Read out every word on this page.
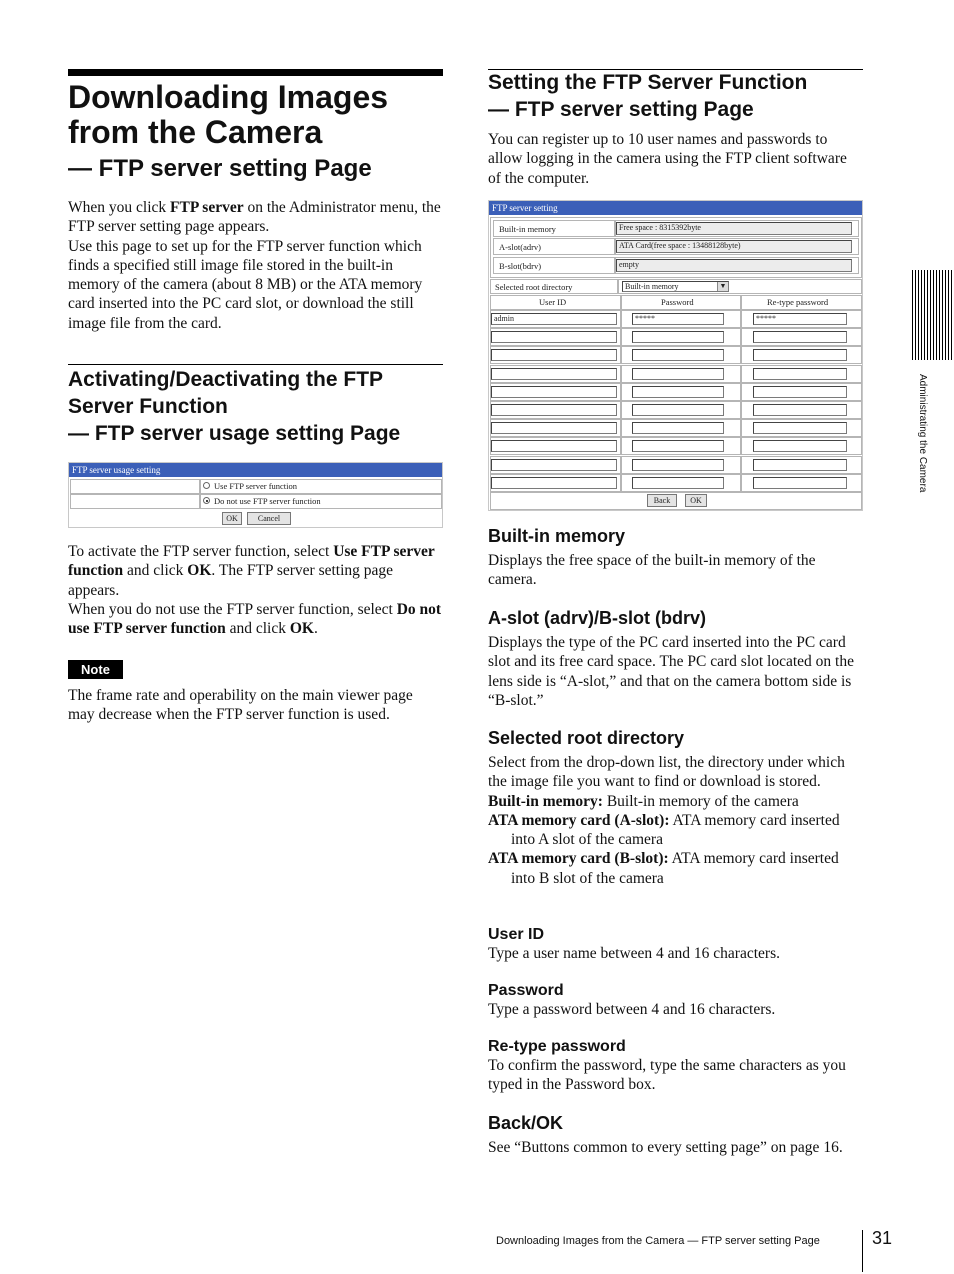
Downloading Images
from the Camera
— FTP server setting Page

When you click FTP server on the Administrator menu, the FTP server setting page appears.

Use this page to set up for the FTP server function which finds a specified still image file stored in the built-in memory of the camera (about 8 MB) or the ATA memory card inserted into the PC card slot, or download the still image file from the card.

Activating/Deactivating the FTP
Server Function
— FTP server usage setting Page
FTP server usage setting
Use FTP server function
Do not use FTP server function
OK	Cancel

To activate the FTP server function, select Use FTP server function and click OK. The FTP server setting page appears.

When you do not use the FTP server function, select Do not use FTP server function and click OK.

Note
The frame rate and operability on the main viewer page may decrease when the FTP server function is used.
Setting the FTP Server Function
— FTP server setting Page
You can register up to 10 user names and passwords to allow logging in the camera using the FTP client software of the computer.
FTP server setting
Built-in memory	Free space : 8315392byte
A-slot(adrv)	ATA Card(free space : 13488128byte)
B-slot(bdrv)	empty
Selected root directory	Built-in memory	▼
User ID	Password	Re-type password
admin	*****	*****
Back	OK
Built-in memory
Displays the free space of the built-in memory of the camera.
A-slot (adrv)/B-slot (bdrv)
Displays the type of the PC card inserted into the PC card slot and its free card space. The PC card slot located on the lens side is “A-slot,” and that on the camera bottom side is “B-slot.”
Selected root directory

Select from the drop-down list, the directory under which the image file you want to find or download is stored.

Built-in memory: Built-in memory of the camera

ATA memory card (A-slot): ATA memory card inserted into A slot of the camera

ATA memory card (B-slot): ATA memory card inserted into B slot of the camera

User ID
Type a user name between 4 and 16 characters.
Password
Type a password between 4 and 16 characters.
Re-type password
To confirm the password, type the same characters as you typed in the Password box.
Back/OK
See “Buttons common to every setting page” on page 16.
Administrating the Camera
Downloading Images from the Camera — FTP server setting Page	31
